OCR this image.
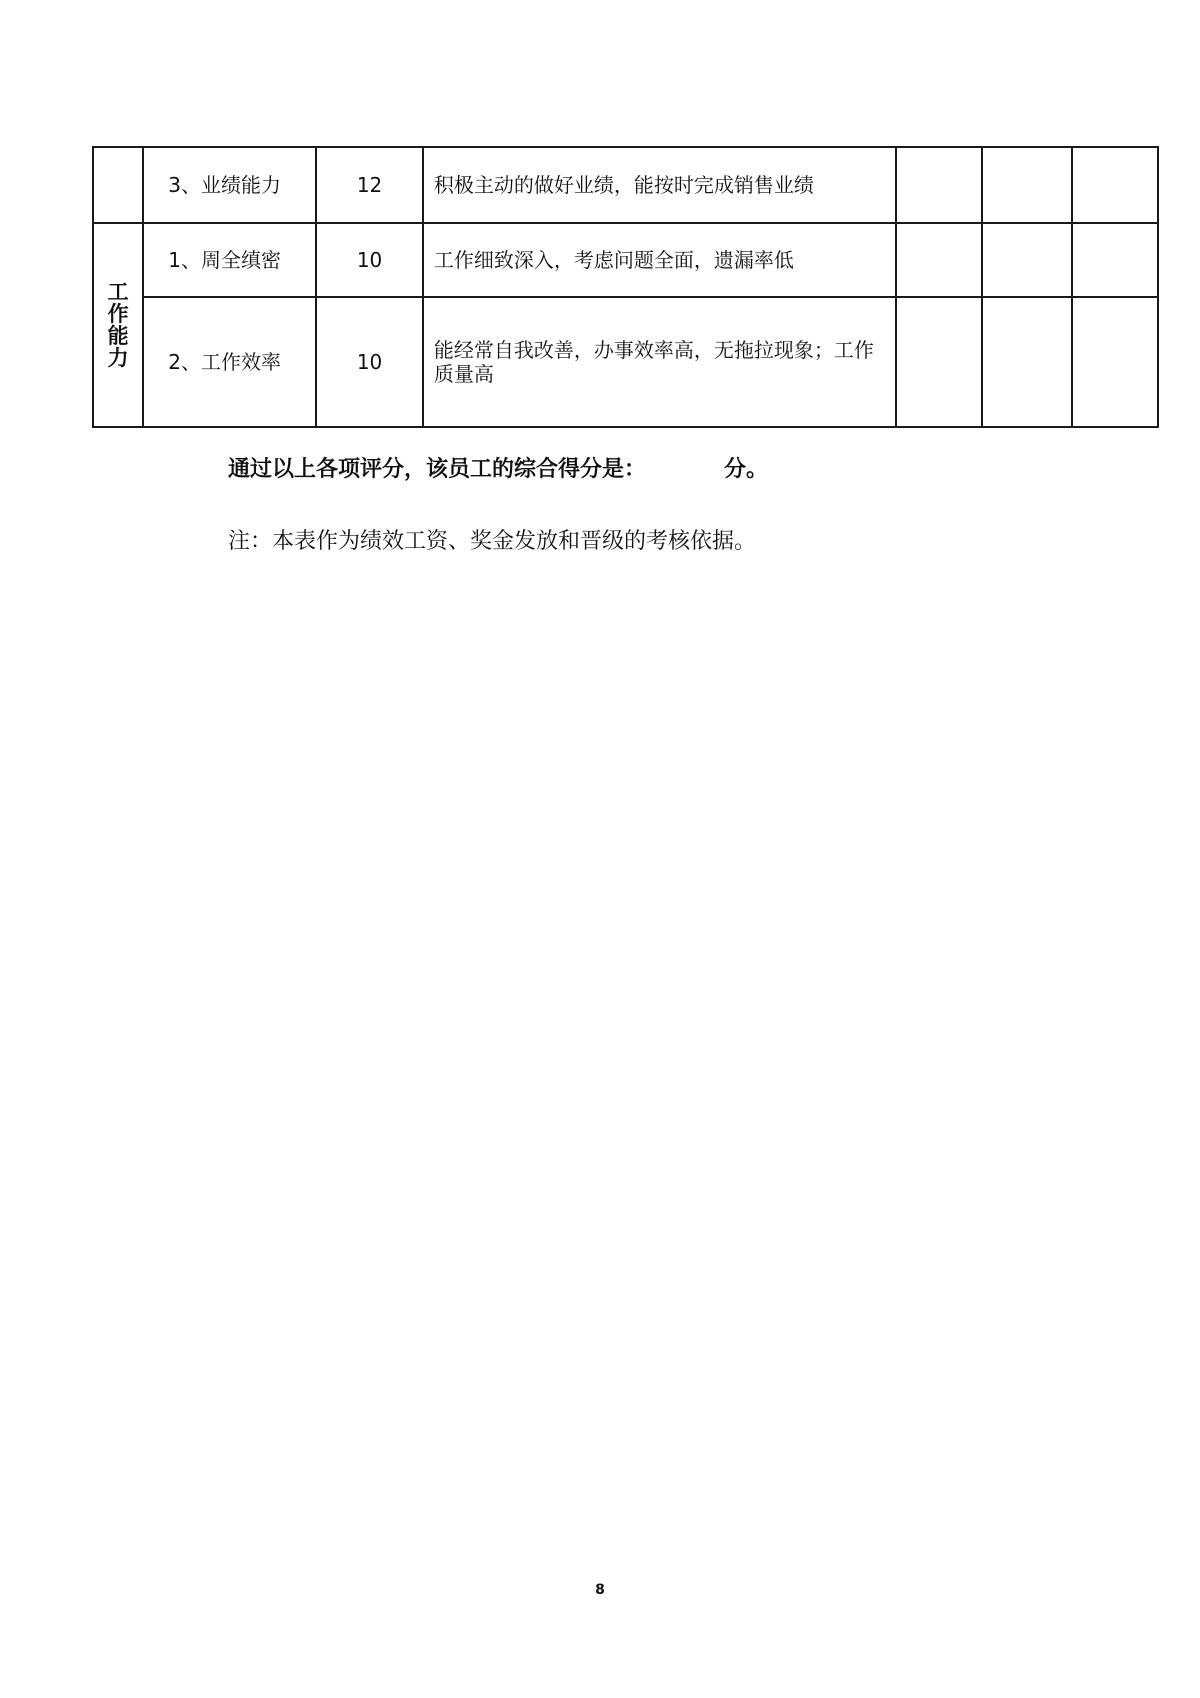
	3、业绩能力	12	积极主动的做好业绩，能按时完成销售业绩			

工作能力	1、周全缜密	10	工作细致深入，考虑问题全面，遗漏率低			
	2、工作效率	10	能经常自我改善，办事效率高，无拖拉现象；工作质量高			
通过以上各项评分，该员工的综合得分是：	分。
注：本表作为绩效工资、奖金发放和晋级的考核依据。
8
